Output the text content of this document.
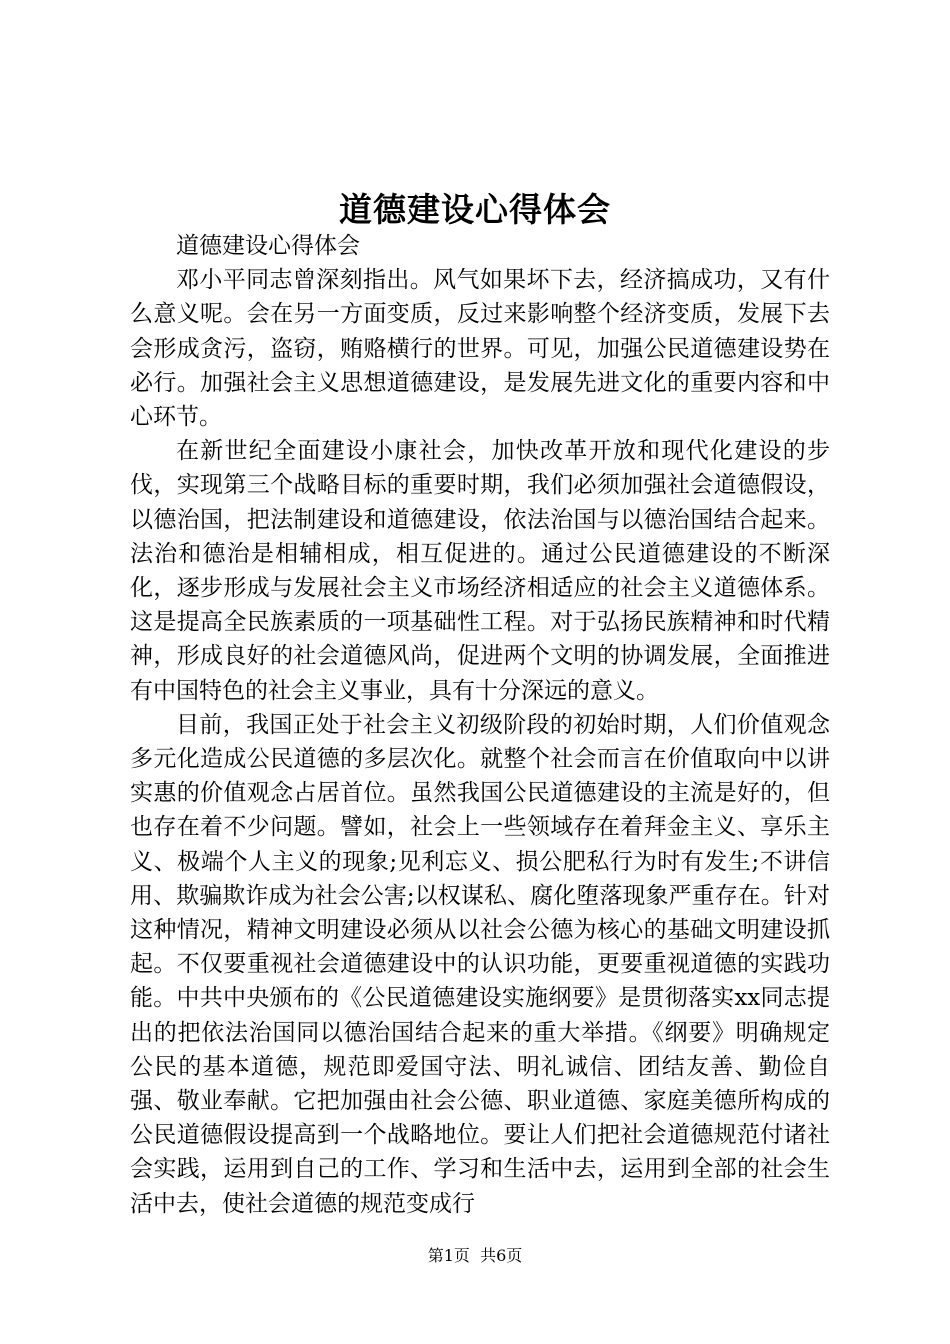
道德建设心得体会

道德建设心得体会

邓小平同志曾深刻指出。风气如果坏下去，经济搞成功，又有什么意义呢。会在另一方面变质，反过来影响整个经济变质，发展下去会形成贪污，盗窃，贿赂横行的世界。可见，加强公民道德建设势在必行。加强社会主义思想道德建设，是发展先进文化的重要内容和中心环节。

在新世纪全面建设小康社会，加快改革开放和现代化建设的步伐，实现第三个战略目标的重要时期，我们必须加强社会道德假设，以德治国，把法制建设和道德建设，依法治国与以德治国结合起来。法治和德治是相辅相成，相互促进的。通过公民道德建设的不断深化，逐步形成与发展社会主义市场经济相适应的社会主义道德体系。这是提高全民族素质的一项基础性工程。对于弘扬民族精神和时代精神，形成良好的社会道德风尚，促进两个文明的协调发展，全面推进有中国特色的社会主义事业，具有十分深远的意义。

目前，我国正处于社会主义初级阶段的初始时期，人们价值观念多元化造成公民道德的多层次化。就整个社会而言在价值取向中以讲实惠的价值观念占居首位。虽然我国公民道德建设的主流是好的，但也存在着不少问题。譬如，社会上一些领域存在着拜金主义、享乐主义、极端个人主义的现象;见利忘义、损公肥私行为时有发生;不讲信用、欺骗欺诈成为社会公害;以权谋私、腐化堕落现象严重存在。针对这种情况，精神文明建设必须从以社会公德为核心的基础文明建设抓起。不仅要重视社会道德建设中的认识功能，更要重视道德的实践功能。中共中央颁布的《公民道德建设实施纲要》是贯彻落实xx同志提出的把依法治国同以德治国结合起来的重大举措。《纲要》明确规定公民的基本道德，规范即爱国守法、明礼诚信、团结友善、勤俭自强、敬业奉献。它把加强由社会公德、职业道德、家庭美德所构成的公民道德假设提高到一个战略地位。要让人们把社会道德规范付诸社会实践，运用到自己的工作、学习和生活中去，运用到全部的社会生活中去，使社会道德的规范变成行

第1页 共6页
